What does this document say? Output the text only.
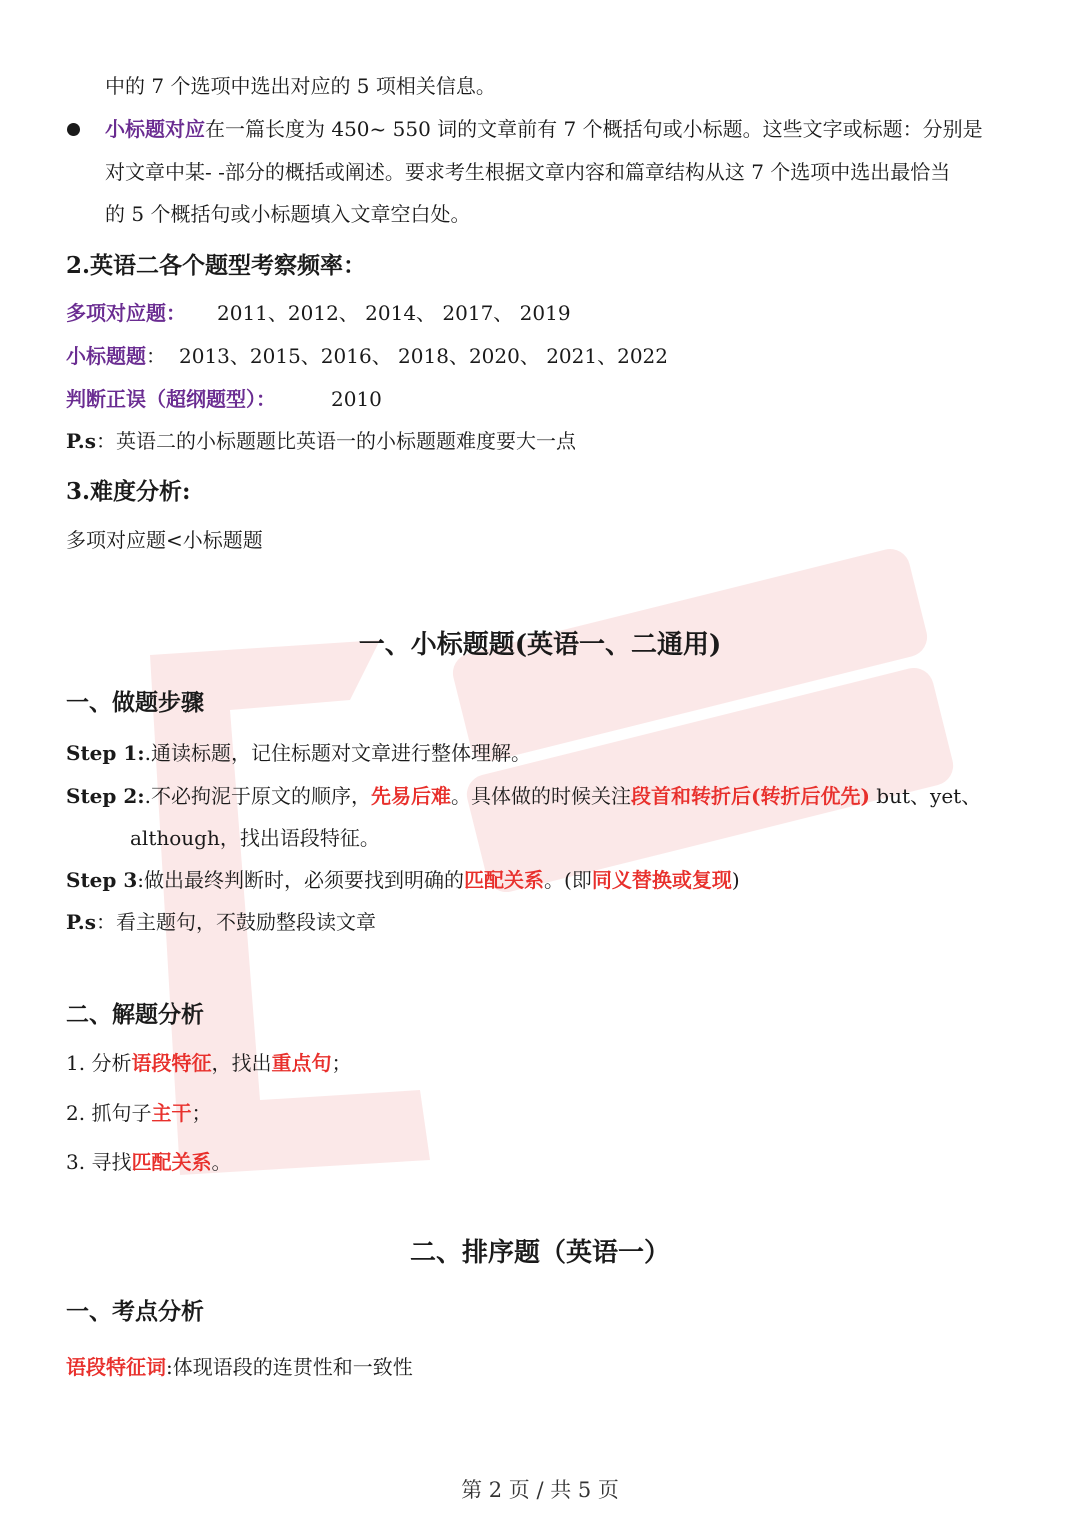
中的 7 个选项中选出对应的 5 项相关信息。
小标题对应在一篇长度为 450~ 550 词的文章前有 7 个概括句或小标题。这些文字或标题：分别是
对文章中某- -部分的概括或阐述。要求考生根据文章内容和篇章结构从这 7 个选项中选出最恰当
的 5 个概括句或小标题填入文章空白处。
2.英语二各个题型考察频率：
多项对应题： 2011、2012、 2014、 2017、 2019
小标题题： 2013、2015、2016、 2018、2020、 2021、2022
判断正误（超纲题型）：	2010
P.s：英语二的小标题题比英语一的小标题题难度要大一点
3.难度分析:
多项对应题<小标题题
一、小标题题(英语一、二通用)
一、做题步骤
Step 1:.通读标题，记住标题对文章进行整体理解。
Step 2:.不必拘泥于原文的顺序，先易后难。具体做的时候关注段首和转折后(转折后优先) but、yet、
although，找出语段特征。
Step 3:做出最终判断时，必须要找到明确的匹配关系。(即同义替换或复现)
P.s：看主题句，不鼓励整段读文章
二、解题分析
1. 分析语段特征，找出重点句；
2. 抓句子主干；
3. 寻找匹配关系。
二、排序题（英语一）
一、考点分析
语段特征词:体现语段的连贯性和一致性
第 2 页 / 共 5 页
